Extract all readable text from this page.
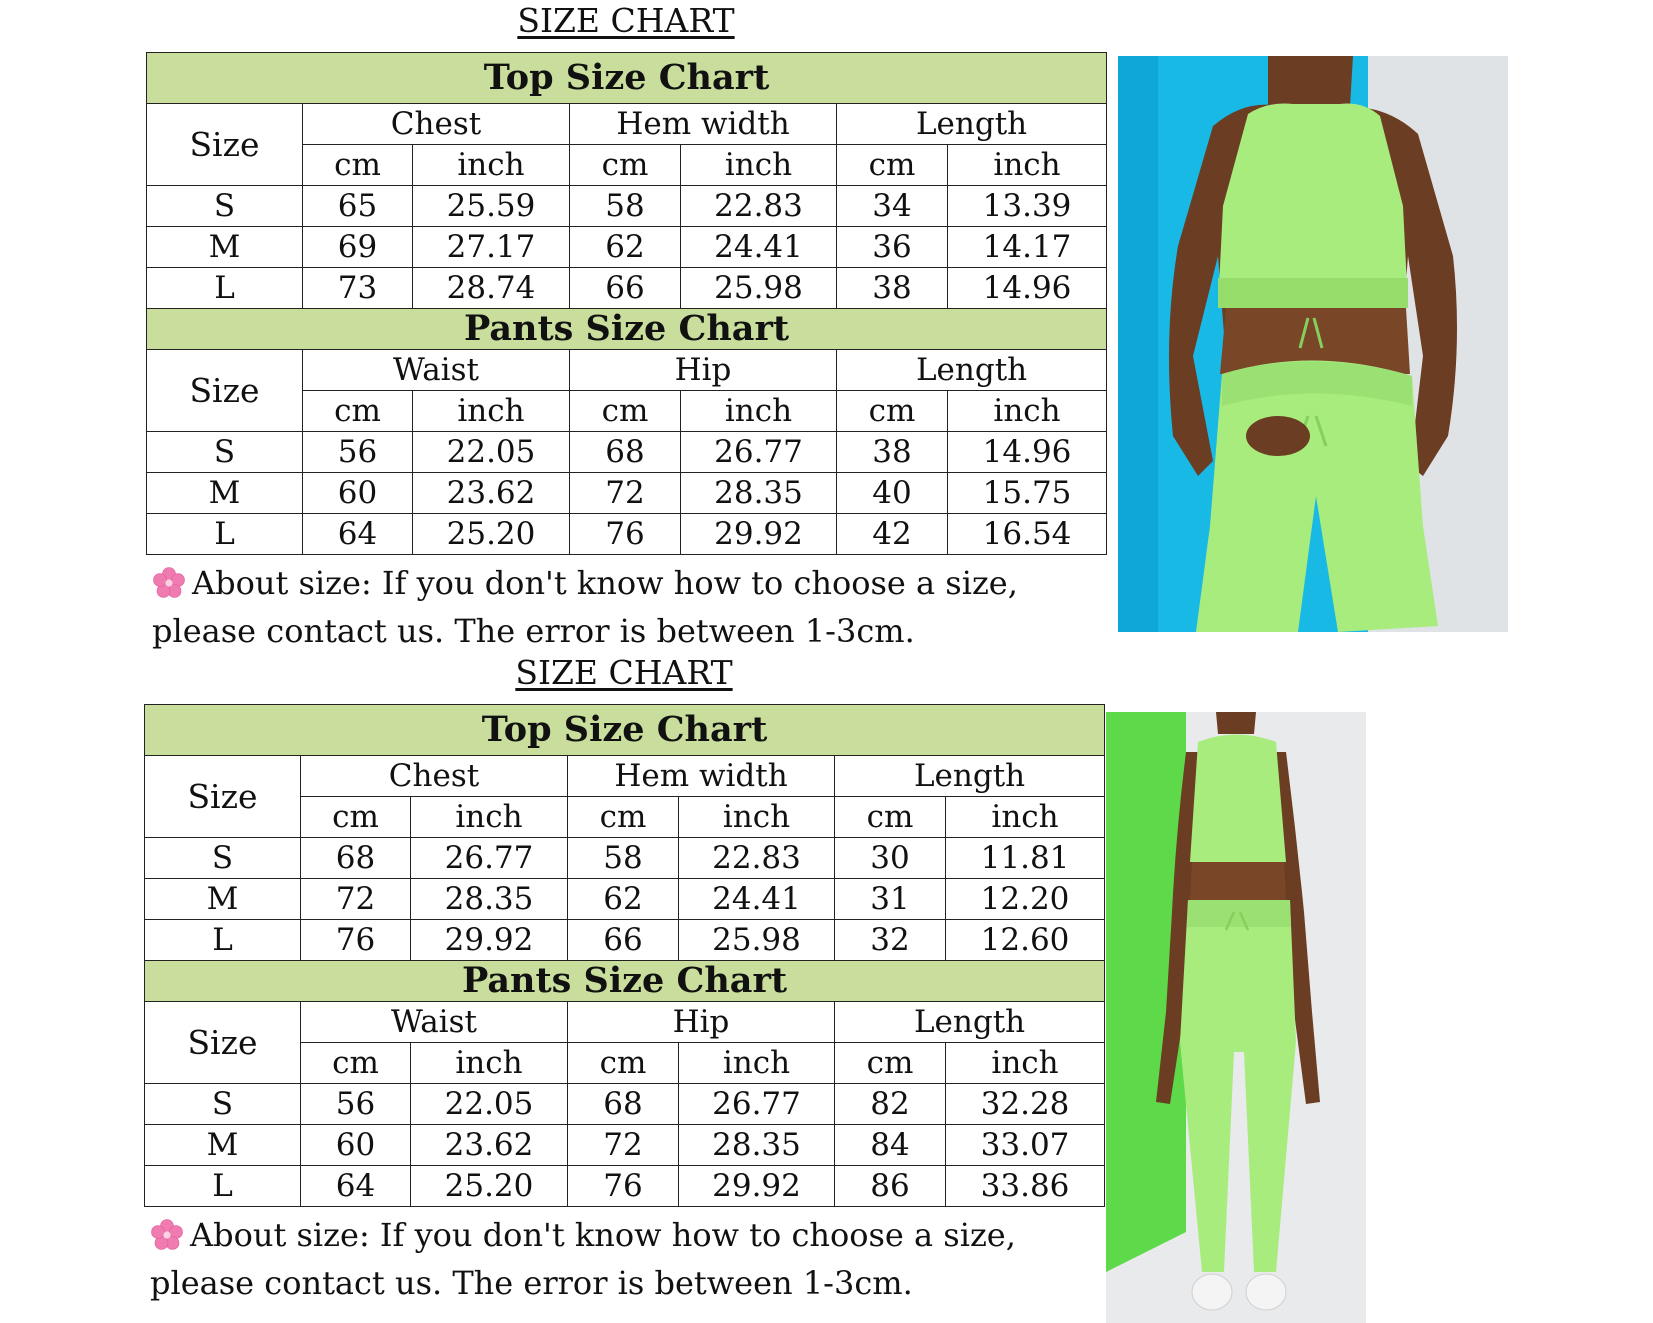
SIZE CHART
Top Size Chart						
Size	Chest		Hem width		Length	
	cm	inch	cm	inch	cm	inch
S	65	25.59	58	22.83	34	13.39
M	69	27.17	62	24.41	36	14.17
L	73	28.74	66	25.98	38	14.96
Pants Size Chart						
Size	Waist		Hip		Length	
	cm	inch	cm	inch	cm	inch
S	56	22.05	68	26.77	38	14.96
M	60	23.62	72	28.35	40	15.75
L	64	25.20	76	29.92	42	16.54
About size: If you don't know how to choose a size, please contact us. The error is between 1-3cm.
SIZE CHART
Top Size Chart						
Size	Chest		Hem width		Length	
	cm	inch	cm	inch	cm	inch
S	68	26.77	58	22.83	30	11.81
M	72	28.35	62	24.41	31	12.20
L	76	29.92	66	25.98	32	12.60
Pants Size Chart						
Size	Waist		Hip		Length	
	cm	inch	cm	inch	cm	inch
S	56	22.05	68	26.77	82	32.28
M	60	23.62	72	28.35	84	33.07
L	64	25.20	76	29.92	86	33.86
About size: If you don't know how to choose a size, please contact us. The error is between 1-3cm.
